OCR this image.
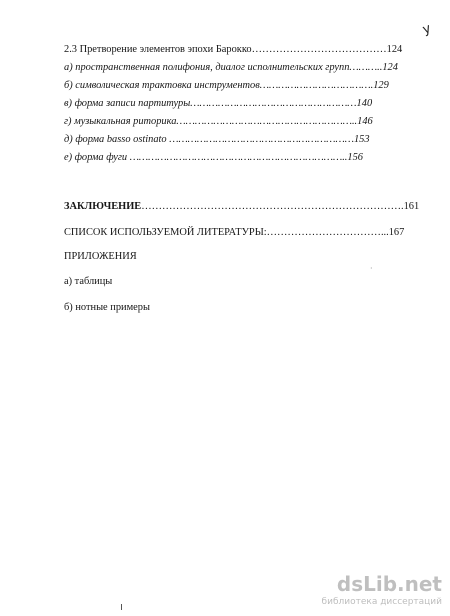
у
2.3 Претворение элементов эпохи Барокко…………………………………124
а) пространственная полифония, диалог исполнительских групп………..124
б) символическая трактовка инструментов……………………………….129
в) форма записи партитуры………………………………………………140
г) музыкальная риторика…………………………………………………..146
д) форма basso ostinato ……………………………………………………153
е) форма фуги ……………………………………………………………..156
ЗАКЛЮЧЕНИЕ………………………………………………………………….161
СПИСОК ИСПОЛЬЗУЕМОЙ ЛИТЕРАТУРЫ:……………………………...167
ПРИЛОЖЕНИЯ
а) таблицы
б) нотные примеры
·
dsLib.net
библиотека диссертаций
